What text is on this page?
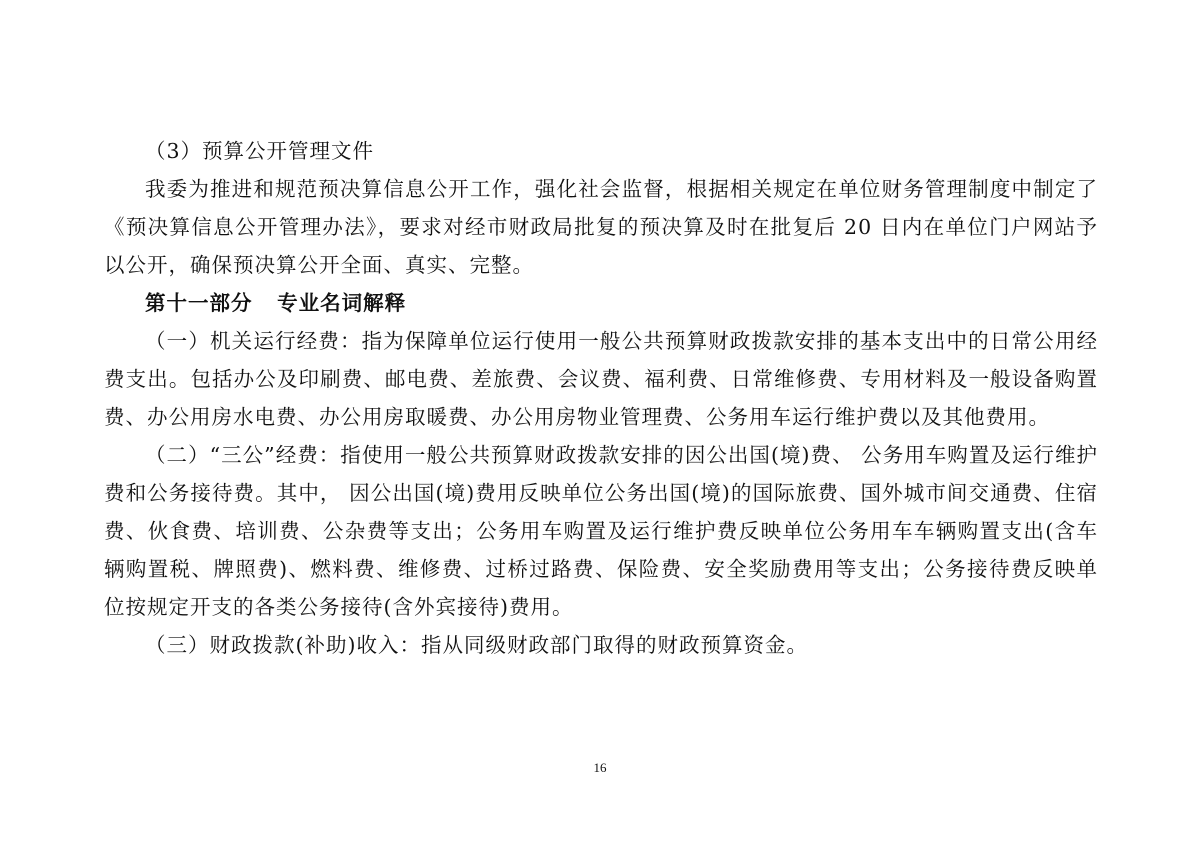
（3）预算公开管理文件

我委为推进和规范预决算信息公开工作，强化社会监督，根据相关规定在单位财务管理制度中制定了《预决算信息公开管理办法》，要求对经市财政局批复的预决算及时在批复后 20 日内在单位门户网站予以公开，确保预决算公开全面、真实、完整。

第十一部分 专业名词解释

（一）机关运行经费：指为保障单位运行使用一般公共预算财政拨款安排的基本支出中的日常公用经费支出。包括办公及印刷费、邮电费、差旅费、会议费、福利费、日常维修费、专用材料及一般设备购置费、办公用房水电费、办公用房取暖费、办公用房物业管理费、公务用车运行维护费以及其他费用。

（二）“三公”经费：指使用一般公共预算财政拨款安排的因公出国(境)费、 公务用车购置及运行维护费和公务接待费。其中， 因公出国(境)费用反映单位公务出国(境)的国际旅费、国外城市间交通费、住宿费、伙食费、培训费、公杂费等支出；公务用车购置及运行维护费反映单位公务用车车辆购置支出(含车辆购置税、牌照费)、燃料费、维修费、过桥过路费、保险费、安全奖励费用等支出；公务接待费反映单位按规定开支的各类公务接待(含外宾接待)费用。

（三）财政拨款(补助)收入：指从同级财政部门取得的财政预算资金。

16
